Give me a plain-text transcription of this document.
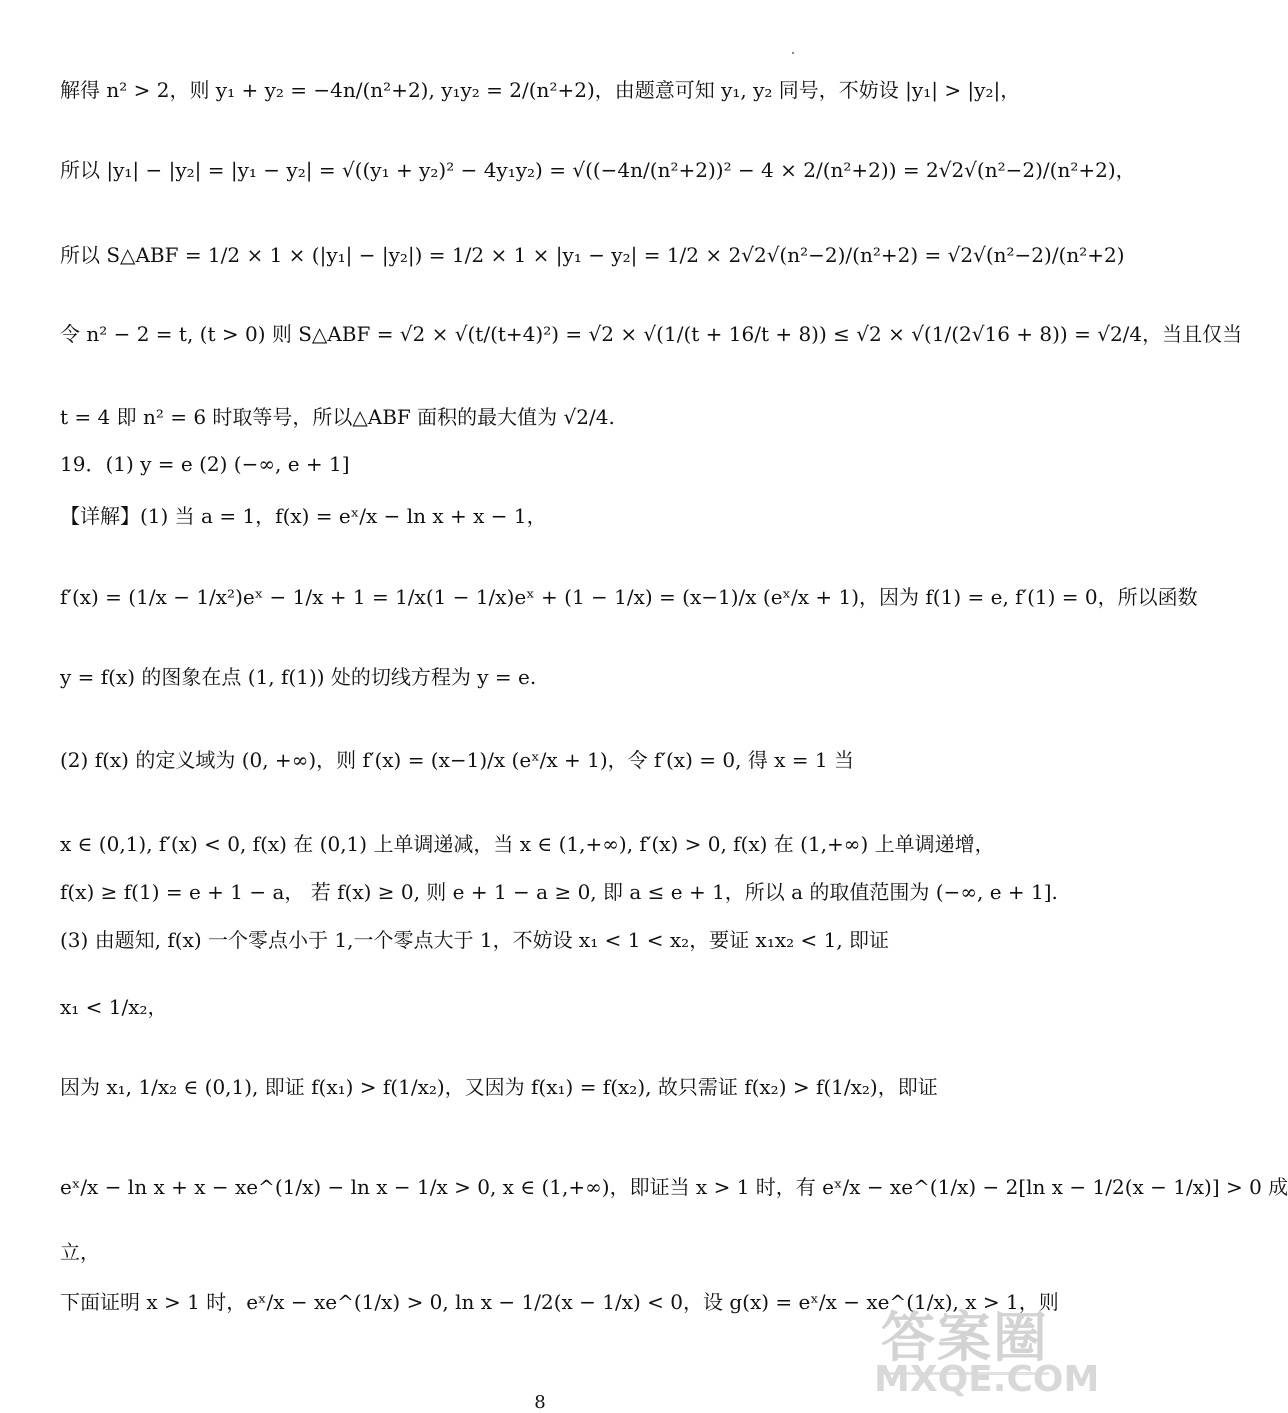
解得 n² > 2，则 y₁ + y₂ = −4n/(n²+2), y₁y₂ = 2/(n²+2)，由题意可知 y₁, y₂ 同号，不妨设 |y₁| > |y₂|，
所以 |y₁| − |y₂| = |y₁ − y₂| = √((y₁ + y₂)² − 4y₁y₂) = √((−4n/(n²+2))² − 4 × 2/(n²+2)) = 2√2√(n²−2)/(n²+2)，
所以 S△ABF = 1/2 × 1 × (|y₁| − |y₂|) = 1/2 × 1 × |y₁ − y₂| = 1/2 × 2√2√(n²−2)/(n²+2) = √2√(n²−2)/(n²+2)
令 n² − 2 = t, (t > 0) 则 S△ABF = √2 × √(t/(t+4)²) = √2 × √(1/(t + 16/t + 8)) ≤ √2 × √(1/(2√16 + 8)) = √2/4，当且仅当
t = 4 即 n² = 6 时取等号，所以△ABF 面积的最大值为 √2/4.
19．(1) y = e (2) (−∞, e + 1]
【详解】(1) 当 a = 1，f(x) = eˣ/x − ln x + x − 1，
f′(x) = (1/x − 1/x²)eˣ − 1/x + 1 = 1/x(1 − 1/x)eˣ + (1 − 1/x) = (x−1)/x (eˣ/x + 1)，因为 f(1) = e, f′(1) = 0，所以函数
y = f(x) 的图象在点 (1, f(1)) 处的切线方程为 y = e.
(2) f(x) 的定义域为 (0, +∞)，则 f′(x) = (x−1)/x (eˣ/x + 1)，令 f′(x) = 0, 得 x = 1 当
x ∈ (0,1), f′(x) < 0, f(x) 在 (0,1) 上单调递减，当 x ∈ (1,+∞), f′(x) > 0, f(x) 在 (1,+∞) 上单调递增，
f(x) ≥ f(1) = e + 1 − a， 若 f(x) ≥ 0, 则 e + 1 − a ≥ 0, 即 a ≤ e + 1，所以 a 的取值范围为 (−∞, e + 1].
(3) 由题知, f(x) 一个零点小于 1,一个零点大于 1，不妨设 x₁ < 1 < x₂，要证 x₁x₂ < 1, 即证
x₁ < 1/x₂，
因为 x₁, 1/x₂ ∈ (0,1), 即证 f(x₁) > f(1/x₂)，又因为 f(x₁) = f(x₂), 故只需证 f(x₂) > f(1/x₂)，即证
eˣ/x − ln x + x − xe^(1/x) − ln x − 1/x > 0, x ∈ (1,+∞)，即证当 x > 1 时，有 eˣ/x − xe^(1/x) − 2[ln x − 1/2(x − 1/x)] > 0 成
立，
下面证明 x > 1 时，eˣ/x − xe^(1/x) > 0, ln x − 1/2(x − 1/x) < 0，设 g(x) = eˣ/x − xe^(1/x), x > 1，则
8
答案圈
MXQE.COM
